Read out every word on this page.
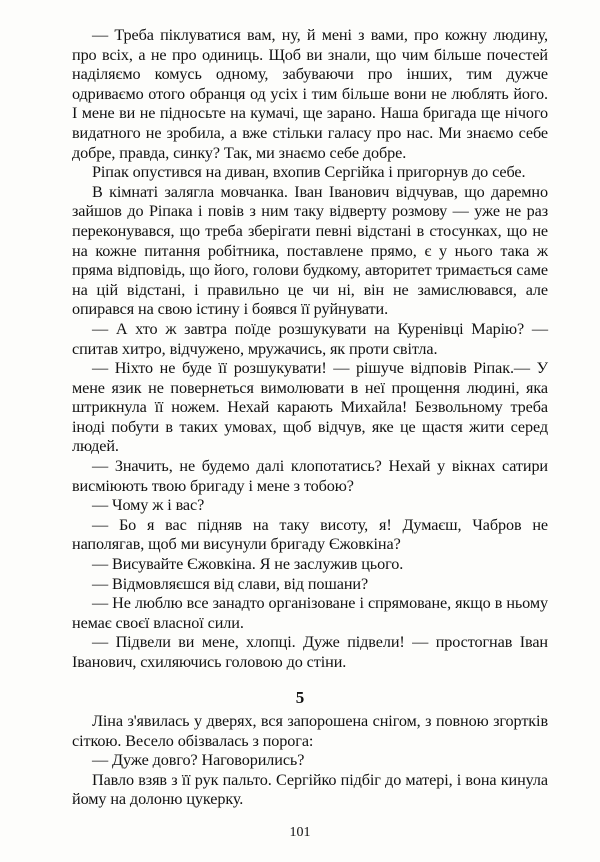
— Треба піклуватися вам, ну, й мені з вами, про кожну людину, про всіх, а не про одиниць. Щоб ви знали, що чим більше почестей наділяємо комусь одному, забуваючи про інших, тим дужче одриваємо отого обранця од усіх і тим більше вони не люблять його. І мене ви не підносьте на кумачі, ще зарано. Наша бригада ще нічого видатного не зробила, а вже стільки галасу про нас. Ми знаємо себе добре, правда, синку? Так, ми знаємо себе добре.

Ріпак опустився на диван, вхопив Сергійка і пригорнув до себе.

В кімнаті залягла мовчанка. Іван Іванович відчував, що даремно зайшов до Ріпака і повів з ним таку відверту розмову — уже не раз переконувався, що треба зберігати певні відстані в стосунках, що не на кожне питання робітника, поставлене прямо, є у нього така ж пряма відповідь, що його, голови будкому, авторитет тримається саме на цій відстані, і правильно це чи ні, він не замислювався, але опирався на свою істину і боявся її руйнувати.

— А хто ж завтра поїде розшукувати на Куренівці Марію? — спитав хитро, відчужено, мружачись, як проти світла.

— Ніхто не буде її розшукувати! — рішуче відповів Ріпак.— У мене язик не повернеться вимолювати в неї прощення людині, яка штрикнула її ножем. Нехай карають Михайла! Безвольному треба іноді побути в таких умовах, щоб відчув, яке це щастя жити серед людей.

— Значить, не будемо далі клопотатись? Нехай у вікнах сатири висміюють твою бригаду і мене з тобою?

— Чому ж і вас?

— Бо я вас підняв на таку висоту, я! Думаєш, Чабров не наполягав, щоб ми висунули бригаду Єжовкіна?

— Висувайте Єжовкіна. Я не заслужив цього.

— Відмовляєшся від слави, від пошани?

— Не люблю все занадто організоване і спрямоване, якщо в ньому немає своєї власної сили.

— Підвели ви мене, хлопці. Дуже підвели! — простогнав Іван Іванович, схиляючись головою до стіни.

5

Ліна з'явилась у дверях, вся запорошена снігом, з повною згортків сіткою. Весело обізвалась з порога:

— Дуже довго? Наговорились?

Павло взяв з її рук пальто. Сергійко підбіг до матері, і вона кинула йому на долоню цукерку.

101
